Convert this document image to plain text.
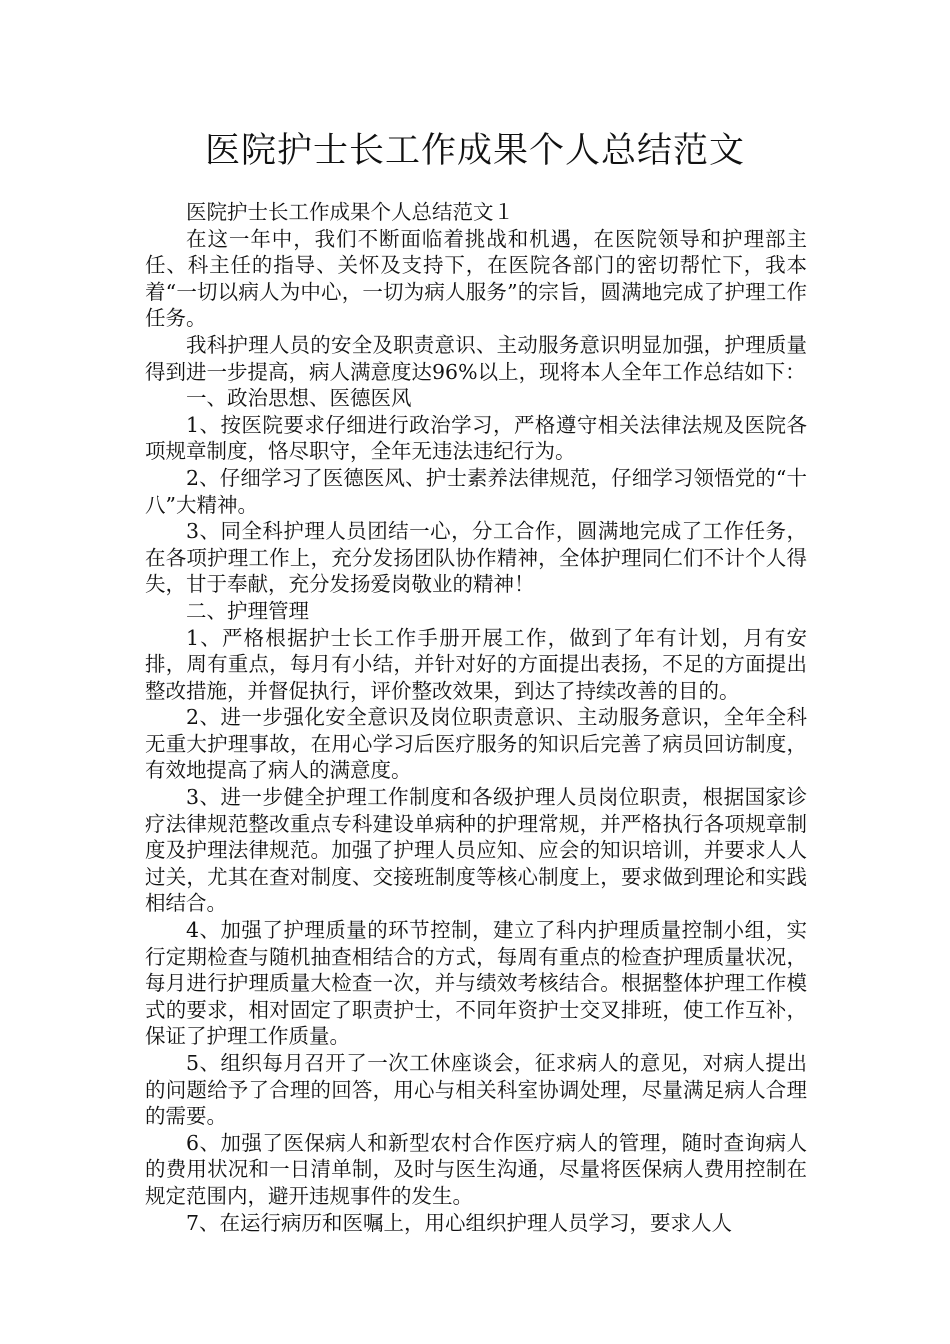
医院护士长工作成果个人总结范文

医院护士长工作成果个人总结范文１

在这一年中，我们不断面临着挑战和机遇，在医院领导和护理部主任、科主任的指导、关怀及支持下，在医院各部门的密切帮忙下，我本着“一切以病人为中心，一切为病人服务”的宗旨，圆满地完成了护理工作任务。

我科护理人员的安全及职责意识、主动服务意识明显加强，护理质量得到进一步提高，病人满意度达96%以上，现将本人全年工作总结如下：

一、政治思想、医德医风

1、按医院要求仔细进行政治学习，严格遵守相关法律法规及医院各项规章制度，恪尽职守，全年无违法违纪行为。

2、仔细学习了医德医风、护士素养法律规范，仔细学习领悟党的“十八”大精神。

3、同全科护理人员团结一心，分工合作，圆满地完成了工作任务，在各项护理工作上，充分发扬团队协作精神，全体护理同仁们不计个人得失，甘于奉献，充分发扬爱岗敬业的精神！

二、护理管理

1、严格根据护士长工作手册开展工作，做到了年有计划，月有安排，周有重点，每月有小结，并针对好的方面提出表扬，不足的方面提出整改措施，并督促执行，评价整改效果，到达了持续改善的目的。

2、进一步强化安全意识及岗位职责意识、主动服务意识，全年全科无重大护理事故，在用心学习后医疗服务的知识后完善了病员回访制度，有效地提高了病人的满意度。

3、进一步健全护理工作制度和各级护理人员岗位职责，根据国家诊疗法律规范整改重点专科建设单病种的护理常规，并严格执行各项规章制度及护理法律规范。加强了护理人员应知、应会的知识培训，并要求人人过关，尤其在查对制度、交接班制度等核心制度上，要求做到理论和实践相结合。

4、加强了护理质量的环节控制，建立了科内护理质量控制小组，实行定期检查与随机抽查相结合的方式，每周有重点的检查护理质量状况，每月进行护理质量大检查一次，并与绩效考核结合。根据整体护理工作模式的要求，相对固定了职责护士，不同年资护士交叉排班，使工作互补，保证了护理工作质量。

5、组织每月召开了一次工休座谈会，征求病人的意见，对病人提出的问题给予了合理的回答，用心与相关科室协调处理，尽量满足病人合理的需要。

6、加强了医保病人和新型农村合作医疗病人的管理，随时查询病人的费用状况和一日清单制，及时与医生沟通，尽量将医保病人费用控制在规定范围内，避开违规事件的发生。

7、在运行病历和医嘱上，用心组织护理人员学习，要求人人
